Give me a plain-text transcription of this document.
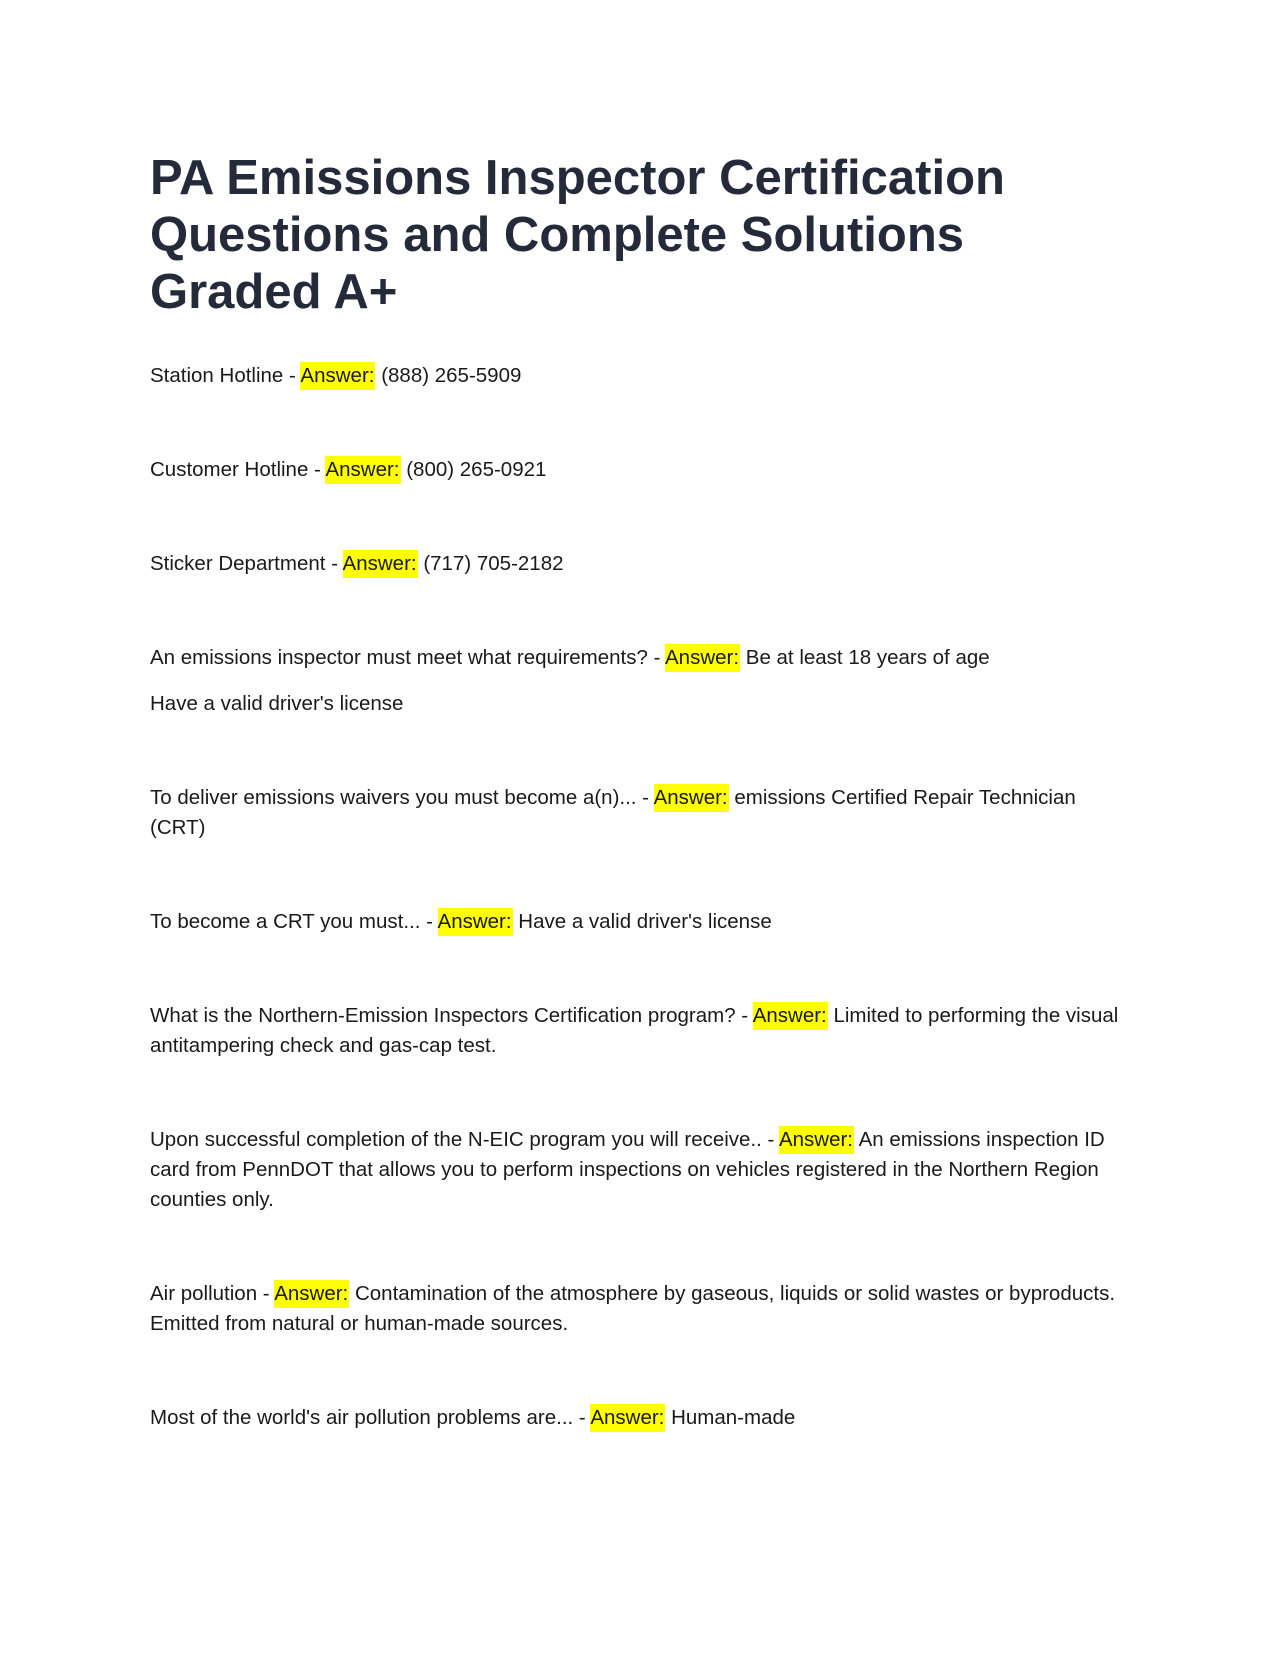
PA Emissions Inspector Certification Questions and Complete Solutions Graded A+

Station Hotline - Answer: (888) 265-5909

Customer Hotline - Answer: (800) 265-0921

Sticker Department - Answer: (717) 705-2182

An emissions inspector must meet what requirements? - Answer: Be at least 18 years of age

Have a valid driver's license

To deliver emissions waivers you must become a(n)... - Answer: emissions Certified Repair Technician (CRT)

To become a CRT you must... - Answer: Have a valid driver's license

What is the Northern-Emission Inspectors Certification program? - Answer: Limited to performing the visual antitampering check and gas-cap test.

Upon successful completion of the N-EIC program you will receive.. - Answer: An emissions inspection ID card from PennDOT that allows you to perform inspections on vehicles registered in the Northern Region counties only.

Air pollution - Answer: Contamination of the atmosphere by gaseous, liquids or solid wastes or byproducts. Emitted from natural or human-made sources.

Most of the world's air pollution problems are... - Answer: Human-made
